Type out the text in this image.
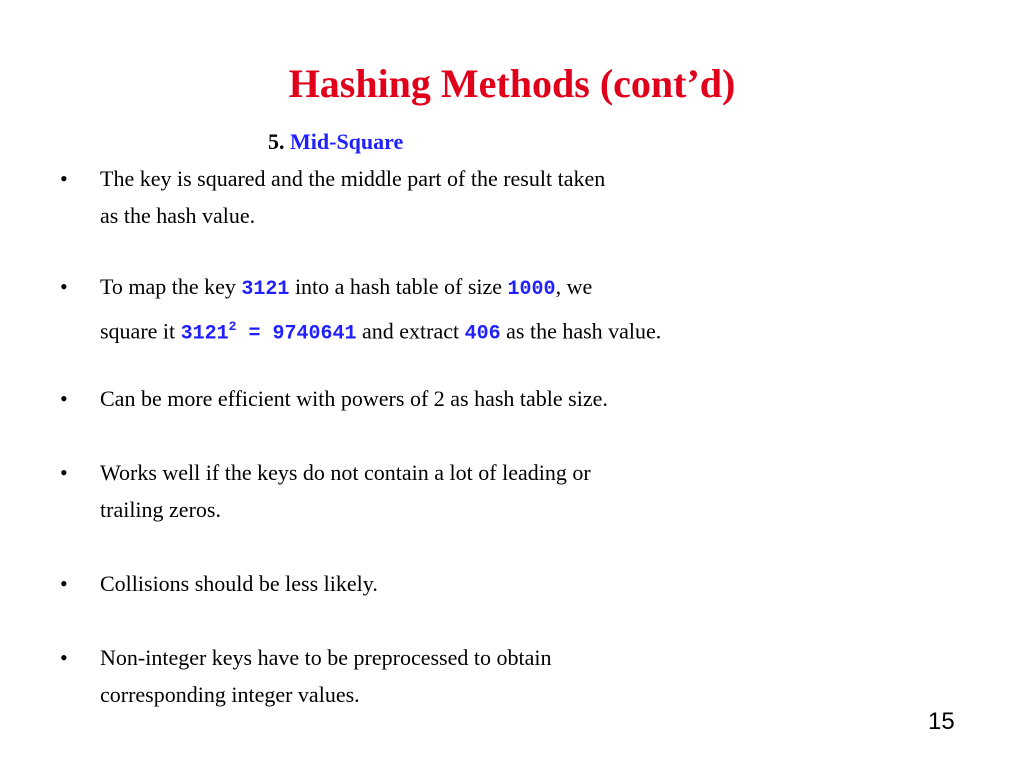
Hashing Methods (cont’d)
5. Mid-Square
• The key is squared and the middle part of the result taken
as the hash value.
• To map the key 3121 into a hash table of size 1000, we
square it $3121^2 = 9740641$ and extract 406 as the hash value.
• Can be more efficient with powers of 2 as hash table size.
• Works well if the keys do not contain a lot of leading or
trailing zeros.
• Collisions should be less likely.
• Non-integer keys have to be preprocessed to obtain
corresponding integer values.
15
